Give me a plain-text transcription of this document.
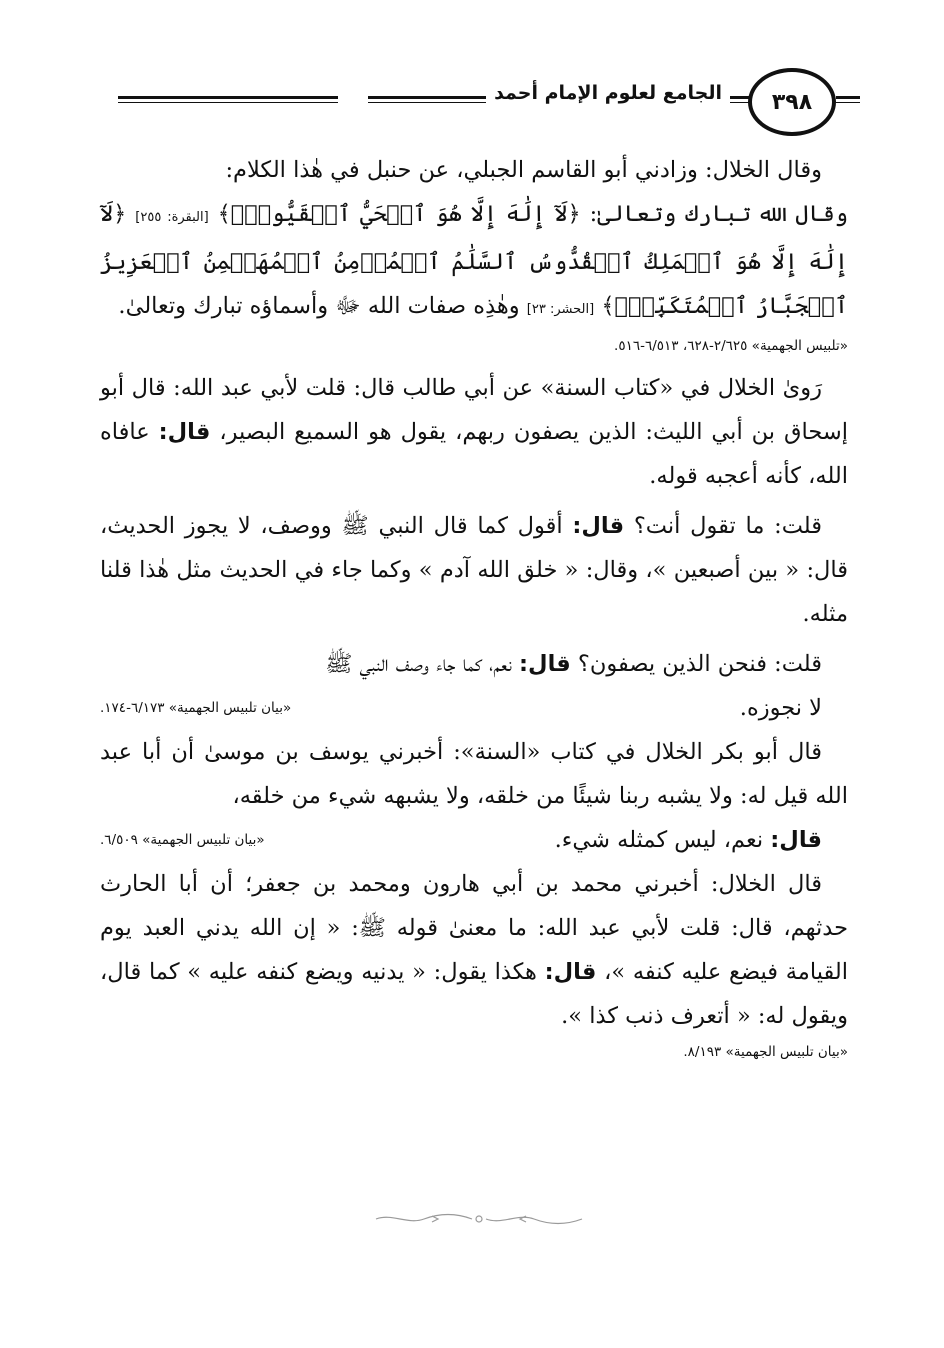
الجامع لعلوم الإمام أحمد	٣٩٨

وقال الخلال: وزادني أبو القاسم الجبلي، عن حنبل في هٰذا الكلام:
وقال الله تبارك وتعالىٰ: ﴿لَآ إِلَٰهَ إِلَّا هُوَ ٱلۡحَيُّ ٱلۡقَيُّومُۚ﴾ [البقرة: ٢٥٥] ﴿لَآ إِلَٰهَ إِلَّا هُوَ ٱلۡمَلِكُ ٱلۡقُدُّوسُ ٱلسَّلَٰمُ ٱلۡمُؤۡمِنُ ٱلۡمُهَيۡمِنُ ٱلۡعَزِيزُ ٱلۡجَبَّارُ ٱلۡمُتَكَبِّرُۚ﴾ [الحشر: ٢٣] وهٰذِه صفات الله ﷻ وأسماؤه تبارك وتعالىٰ.

«تلبيس الجهمية» ٢/٦٢٥-٦٢٨، ٦/٥١٣-٥١٦.

رَوىٰ الخلال في «كتاب السنة» عن أبي طالب قال: قلت لأبي عبد الله: قال أبو إسحاق بن أبي الليث: الذين يصفون ربهم، يقول هو السميع البصير، قال: عافاه الله، كأنه أعجبه قوله.

قلت: ما تقول أنت؟ قال: أقول كما قال النبي ﷺ ووصف، لا يجوز الحديث، قال: « بين أصبعين »، وقال: « خلق الله آدم » وكما جاء في الحديث مثل هٰذا قلنا مثله.

قلت: فنحن الذين يصفون؟ قال: نعم، كما جاء وصف النبي ﷺ
لا نجوزه.
«بيان تلبيس الجهمية» ٦/١٧٣-١٧٤.

قال أبو بكر الخلال في كتاب «السنة»: أخبرني يوسف بن موسىٰ أن أبا عبد الله قيل له: ولا يشبه ربنا شيئًا من خلقه، ولا يشبهه شيء من خلقه،
قال: نعم، ليس كمثله شيء.
«بيان تلبيس الجهمية» ٦/٥٠٩.

قال الخلال: أخبرني محمد بن أبي هارون ومحمد بن جعفر؛ أن أبا الحارث حدثهم، قال: قلت لأبي عبد الله: ما معنىٰ قوله ﷺ: « إن الله يدني العبد يوم القيامة فيضع عليه كنفه »، قال: هكذا يقول: « يدنيه ويضع كنفه عليه » كما قال، ويقول له: « أتعرف ذنب كذا ».

«بيان تلبيس الجهمية» ٨/١٩٣.
